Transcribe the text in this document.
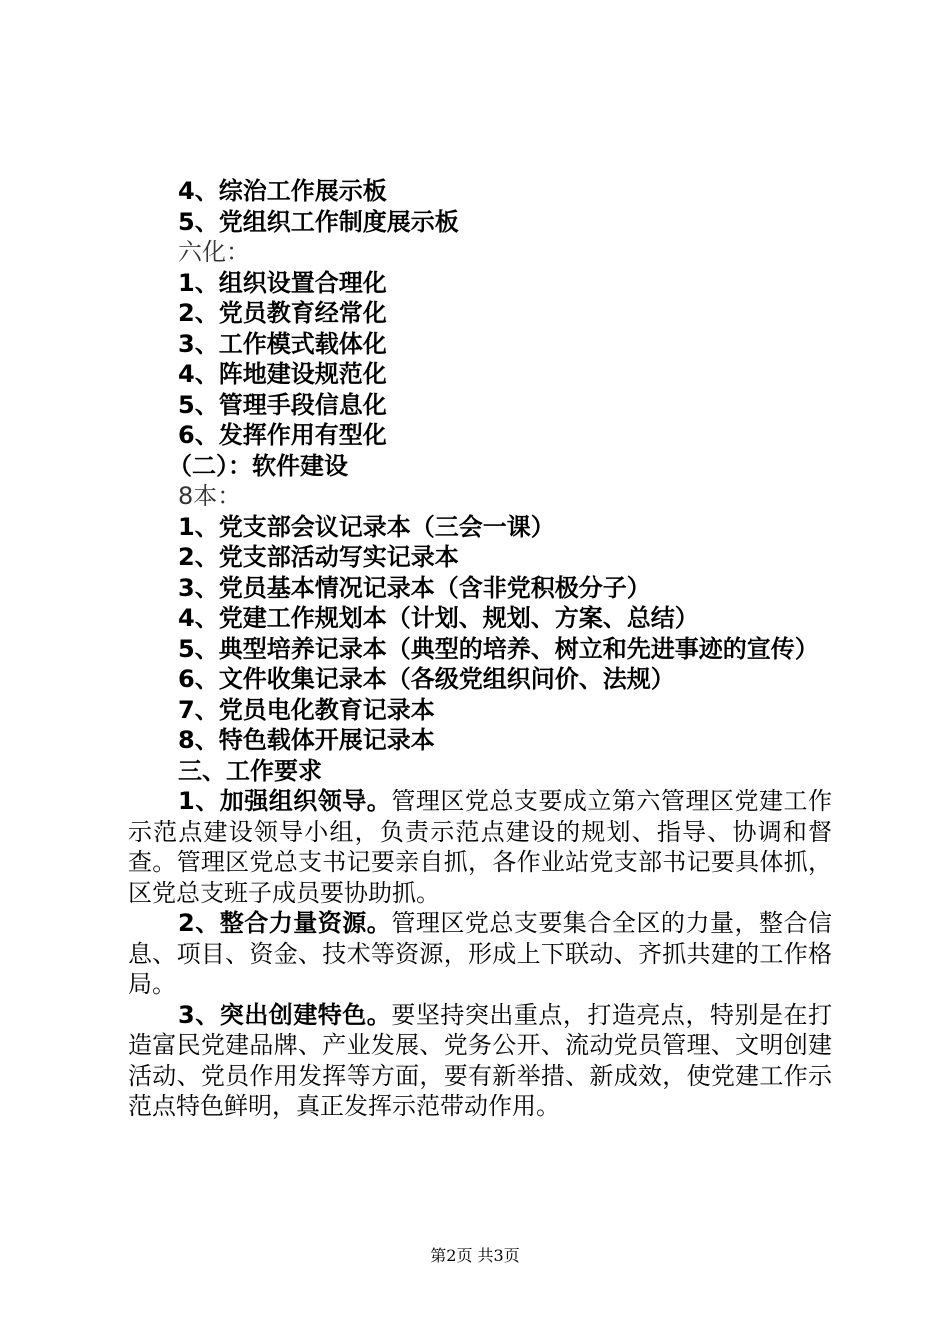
4、综治工作展示板
5、党组织工作制度展示板
六化：
1、组织设置合理化
2、党员教育经常化
3、工作模式载体化
4、阵地建设规范化
5、管理手段信息化
6、发挥作用有型化
（二）：软件建设
8本：
1、党支部会议记录本（三会一课）
2、党支部活动写实记录本
3、党员基本情况记录本（含非党积极分子）
4、党建工作规划本（计划、规划、方案、总结）
5、典型培养记录本（典型的培养、树立和先进事迹的宣传）
6、文件收集记录本（各级党组织问价、法规）
7、党员电化教育记录本
8、特色载体开展记录本
三、工作要求
1、加强组织领导。管理区党总支要成立第六管理区党建工作示范点建设领导小组，负责示范点建设的规划、指导、协调和督查。管理区党总支书记要亲自抓，各作业站党支部书记要具体抓，区党总支班子成员要协助抓。
2、整合力量资源。管理区党总支要集合全区的力量，整合信息、项目、资金、技术等资源，形成上下联动、齐抓共建的工作格局。
3、突出创建特色。要坚持突出重点，打造亮点，特别是在打造富民党建品牌、产业发展、党务公开、流动党员管理、文明创建活动、党员作用发挥等方面，要有新举措、新成效，使党建工作示范点特色鲜明，真正发挥示范带动作用。
第2页 共3页
